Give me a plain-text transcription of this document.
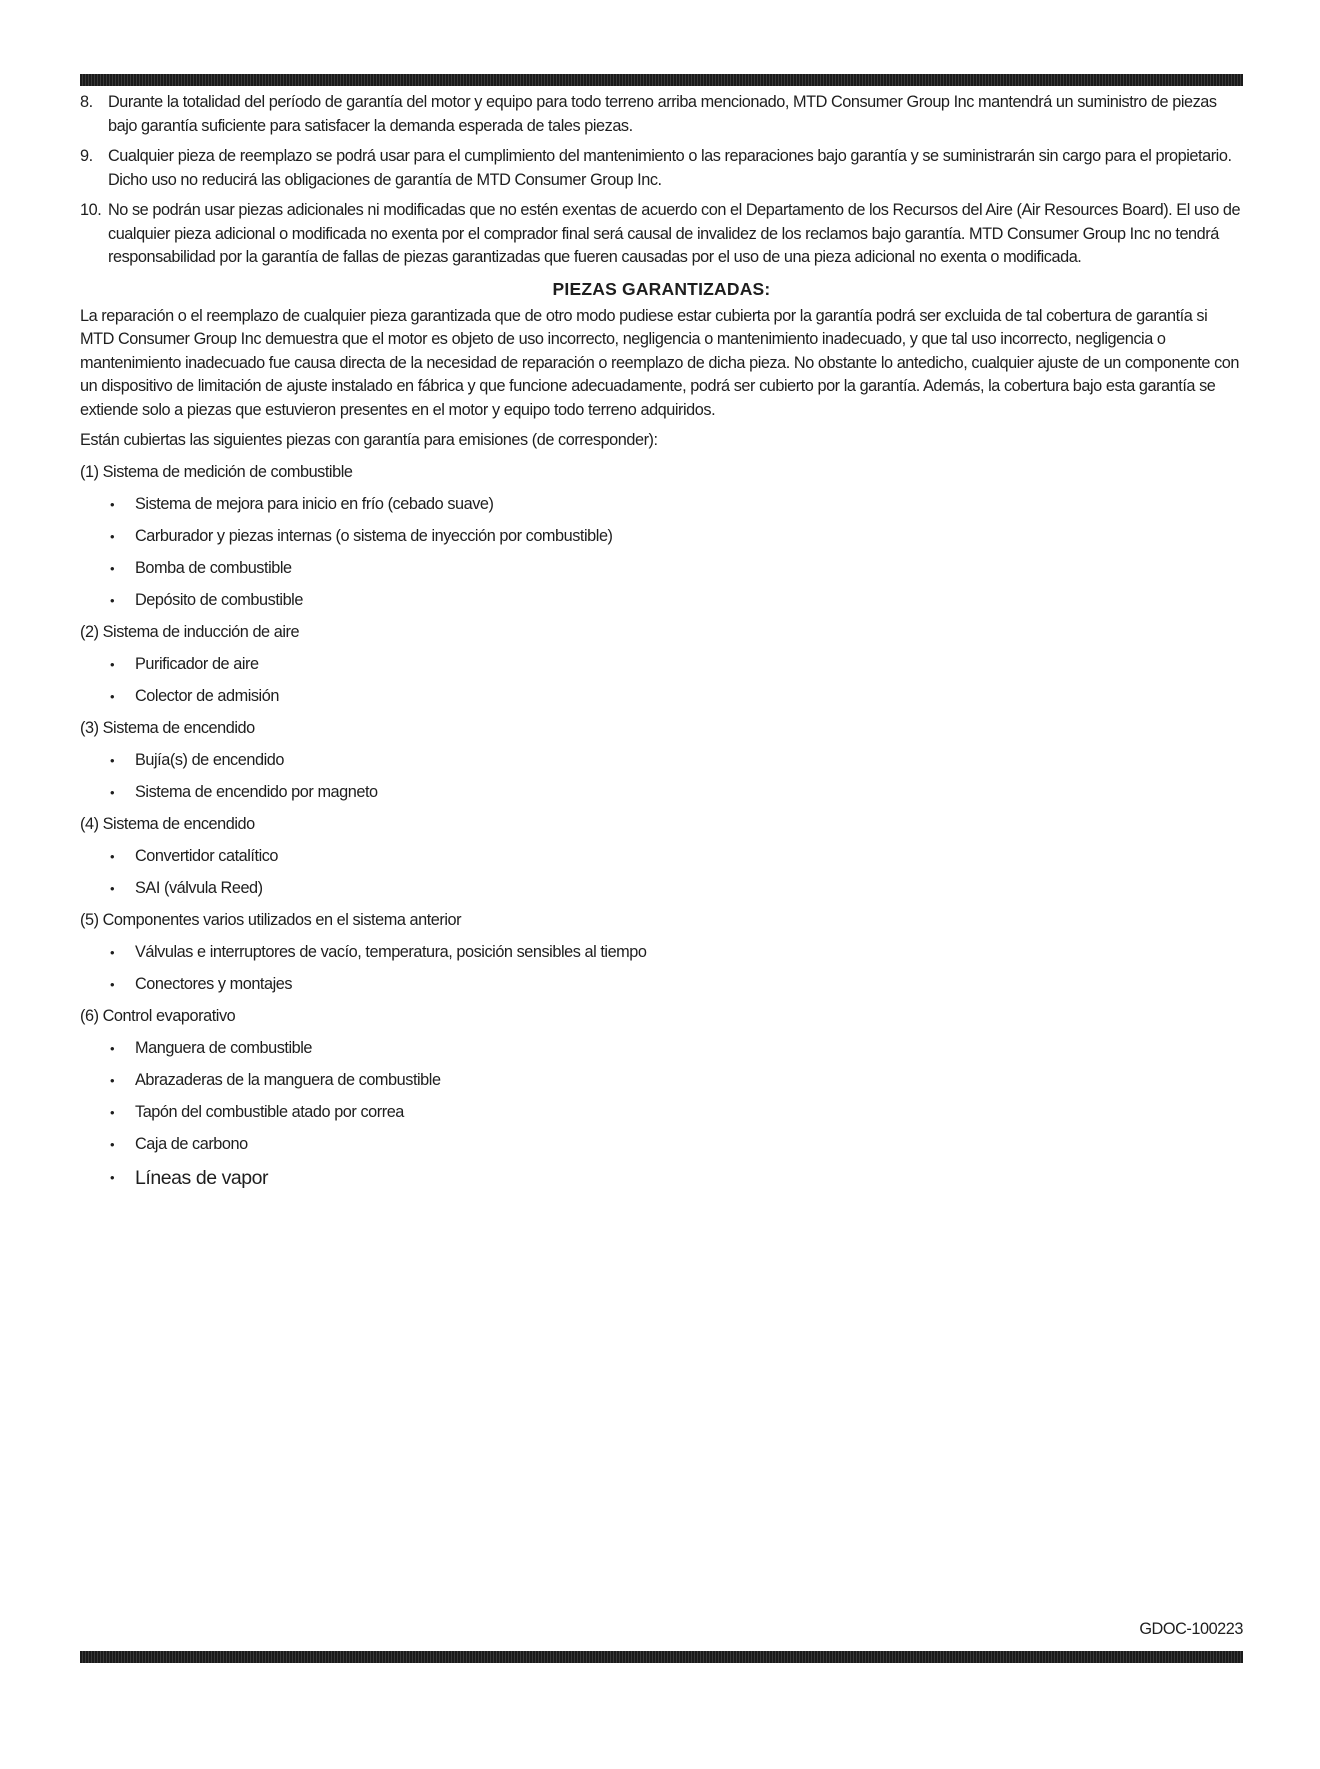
8. Durante la totalidad del período de garantía del motor y equipo para todo terreno arriba mencionado, MTD Consumer Group Inc mantendrá un suministro de piezas bajo garantía suficiente para satisfacer la demanda esperada de tales piezas.
9. Cualquier pieza de reemplazo se podrá usar para el cumplimiento del mantenimiento o las reparaciones bajo garantía y se suministrarán sin cargo para el propietario. Dicho uso no reducirá las obligaciones de garantía de MTD Consumer Group Inc.
10. No se podrán usar piezas adicionales ni modificadas que no estén exentas de acuerdo con el Departamento de los Recursos del Aire (Air Resources Board). El uso de cualquier pieza adicional o modificada no exenta por el comprador final será causal de invalidez de los reclamos bajo garantía. MTD Consumer Group Inc no tendrá responsabilidad por la garantía de fallas de piezas garantizadas que fueren causadas por el uso de una pieza adicional no exenta o modificada.
PIEZAS GARANTIZADAS:

La reparación o el reemplazo de cualquier pieza garantizada que de otro modo pudiese estar cubierta por la garantía podrá ser excluida de tal cobertura de garantía si MTD Consumer Group Inc demuestra que el motor es objeto de uso incorrecto, negligencia o mantenimiento inadecuado, y que tal uso incorrecto, negligencia o mantenimiento inadecuado fue causa directa de la necesidad de reparación o reemplazo de dicha pieza. No obstante lo antedicho, cualquier ajuste de un componente con un dispositivo de limitación de ajuste instalado en fábrica y que funcione adecuadamente, podrá ser cubierto por la garantía. Además, la cobertura bajo esta garantía se extiende solo a piezas que estuvieron presentes en el motor y equipo todo terreno adquiridos.

Están cubiertas las siguientes piezas con garantía para emisiones (de corresponder):

(1) Sistema de medición de combustible
• Sistema de mejora para inicio en frío (cebado suave)
• Carburador y piezas internas (o sistema de inyección por combustible)
• Bomba de combustible
• Depósito de combustible
(2) Sistema de inducción de aire
• Purificador de aire
• Colector de admisión
(3) Sistema de encendido
• Bujía(s) de encendido
• Sistema de encendido por magneto
(4) Sistema de encendido
• Convertidor catalítico
• SAI (válvula Reed)
(5) Componentes varios utilizados en el sistema anterior
• Válvulas e interruptores de vacío, temperatura, posición sensibles al tiempo
• Conectores y montajes
(6) Control evaporativo
• Manguera de combustible
• Abrazaderas de la manguera de combustible
• Tapón del combustible atado por correa
• Caja de carbono
• Líneas de vapor
GDOC-100223
